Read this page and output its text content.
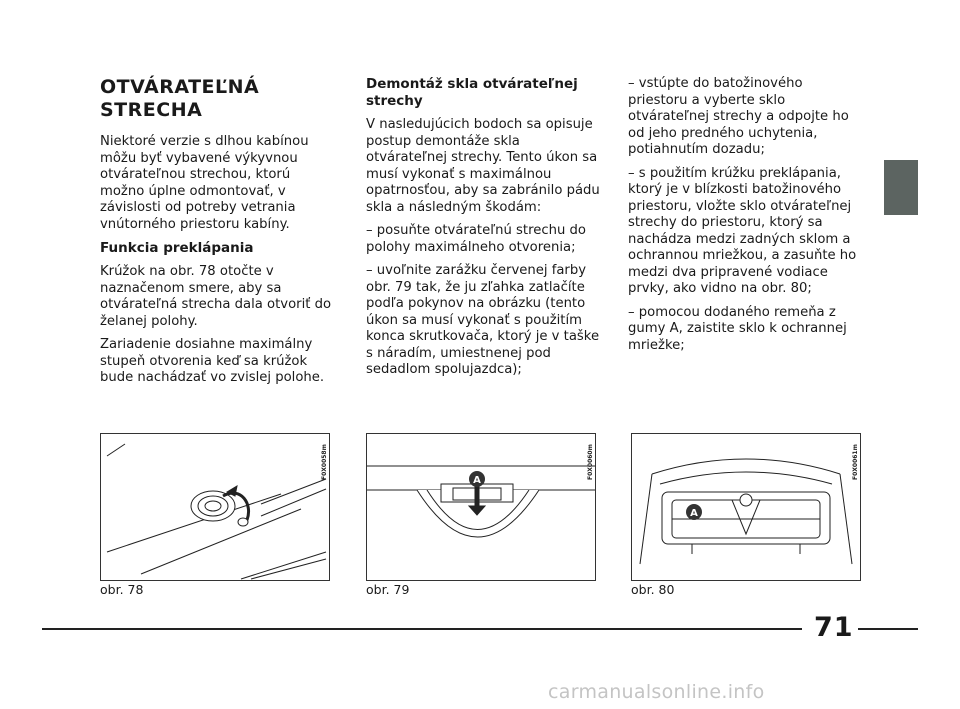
OTVÁRATEĽNÁ
STRECHA

Niektoré verzie s dlhou kabínou môžu byť vybavené výkyvnou otvárateľnou strechou, ktorú možno úplne odmontovať, v závislosti od potreby vetrania vnútorného priestoru kabíny.

Funkcia preklápania

Krúžok na obr. 78 otočte v naznačenom smere, aby sa otvárateľná strecha dala otvoriť do želanej polohy.

Zariadenie dosiahne maximálny stupeň otvorenia keď sa krúžok bude nachádzať vo zvislej polohe.

Demontáž skla otvárateľnej strechy

V nasledujúcich bodoch sa opisuje postup demontáže skla otvárateľnej strechy. Tento úkon sa musí vykonať s maximálnou opatrnosťou, aby sa zabránilo pádu skla a následným škodám:

– posuňte otvárateľnú strechu do polohy maximálneho otvorenia;

– uvoľnite zarážku červenej farby obr. 79 tak, že ju zľahka zatlačíte podľa pokynov na obrázku (tento úkon sa musí vykonať s použitím konca skrutkovača, ktorý je v taške s náradím, umiestnenej pod sedadlom spolujazdca);

– vstúpte do batožinového priestoru a vyberte sklo otvárateľnej strechy a odpojte ho od jeho predného uchytenia, potiahnutím dozadu;

– s použitím krúžku preklápania, ktorý je v blízkosti batožinového priestoru, vložte sklo otvárateľnej strechy do priestoru, ktorý sa nachádza medzi zadných sklom a ochrannou mriežkou, a zasuňte ho medzi dva pripravené vodiace prvky, ako vidno na obr. 80;

– pomocou dodaného remeňa z gumy A, zaistite sklo k ochrannej mriežke;

F0X0058m
A
F0X0060m
A
F0X0061m
obr. 78	obr. 79	obr. 80
71
carmanualsonline.info
